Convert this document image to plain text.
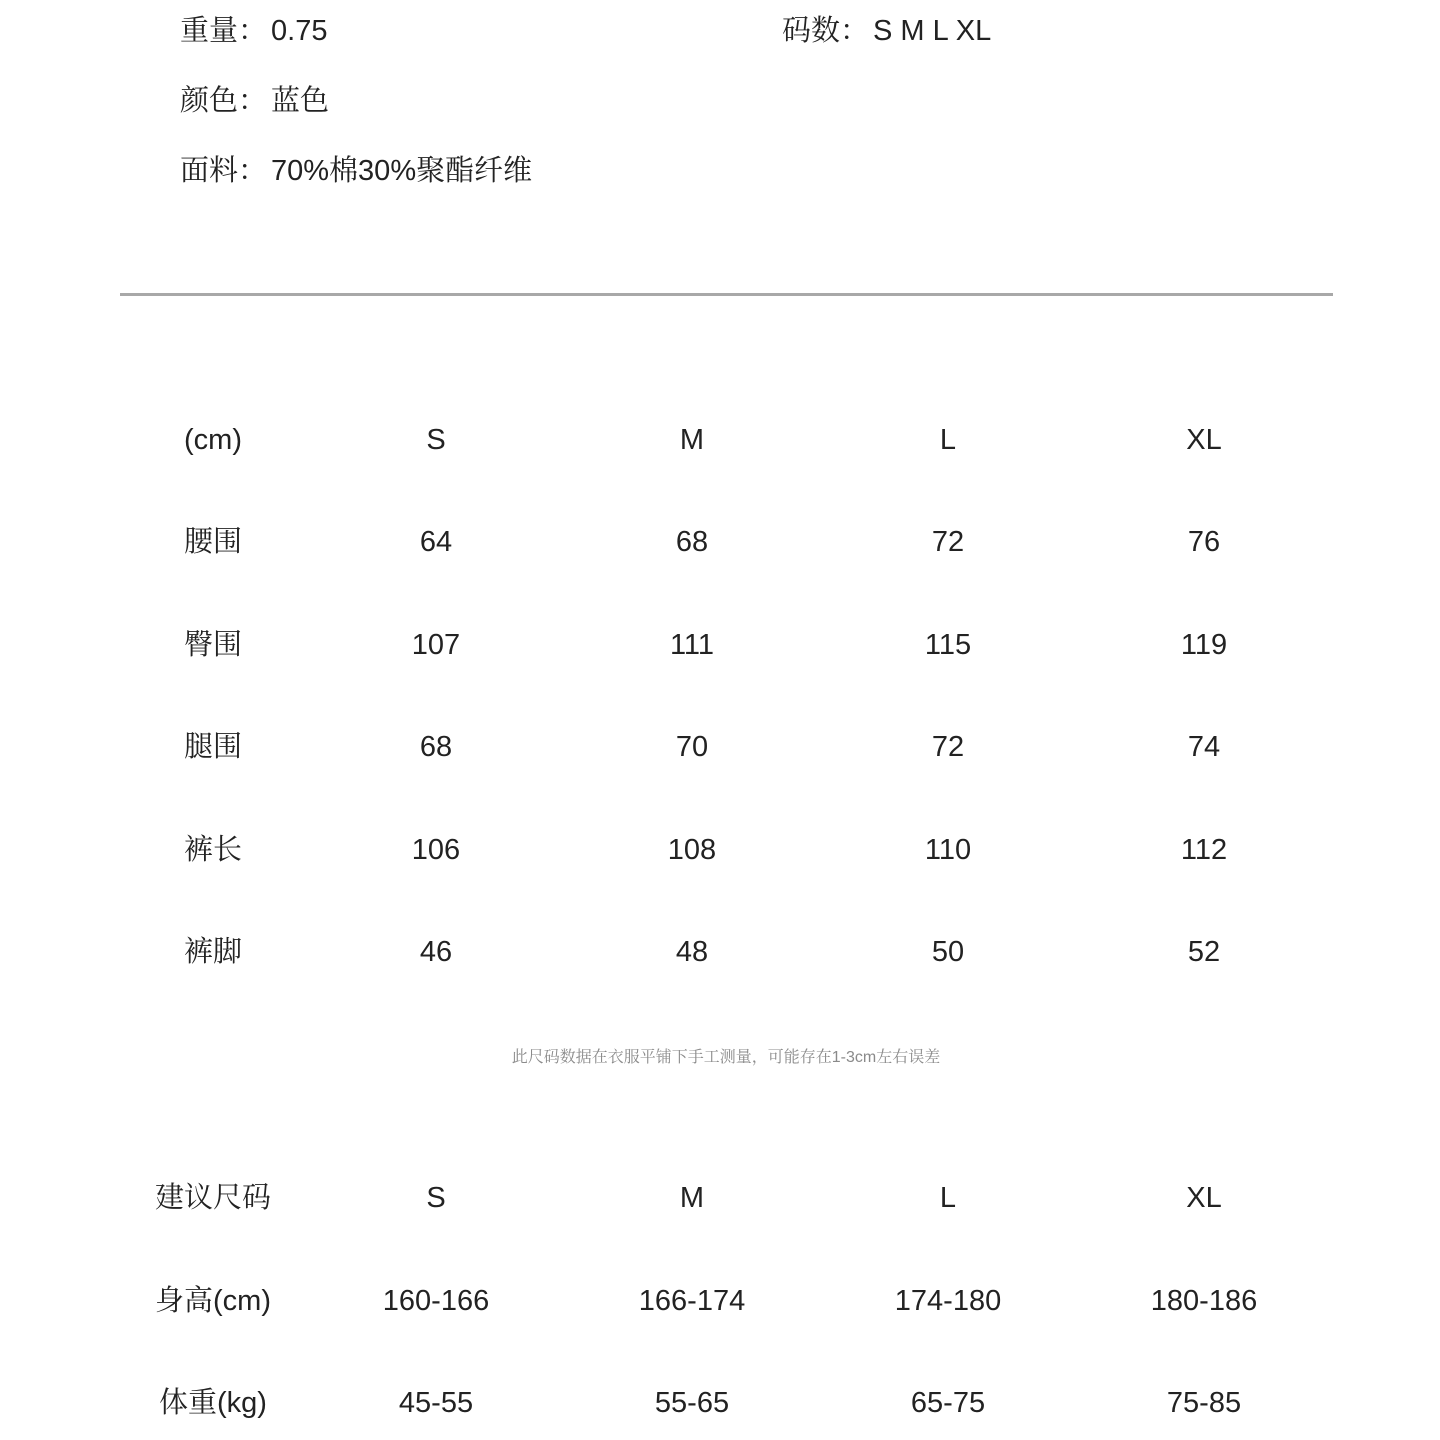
重量： 0.75	码数： S M L XL
颜色： 蓝色
面料： 70%棉30%聚酯纤维
(cm)	S	M	L	XL
腰围	64	68	72	76
臀围	107	111	115	119
腿围	68	70	72	74
裤长	106	108	110	112
裤脚	46	48	50	52
此尺码数据在衣服平铺下手工测量，可能存在1-3cm左右误差
建议尺码	S	M	L	XL
身高(cm)	160-166	166-174	174-180	180-186
体重(kg)	45-55	55-65	65-75	75-85
